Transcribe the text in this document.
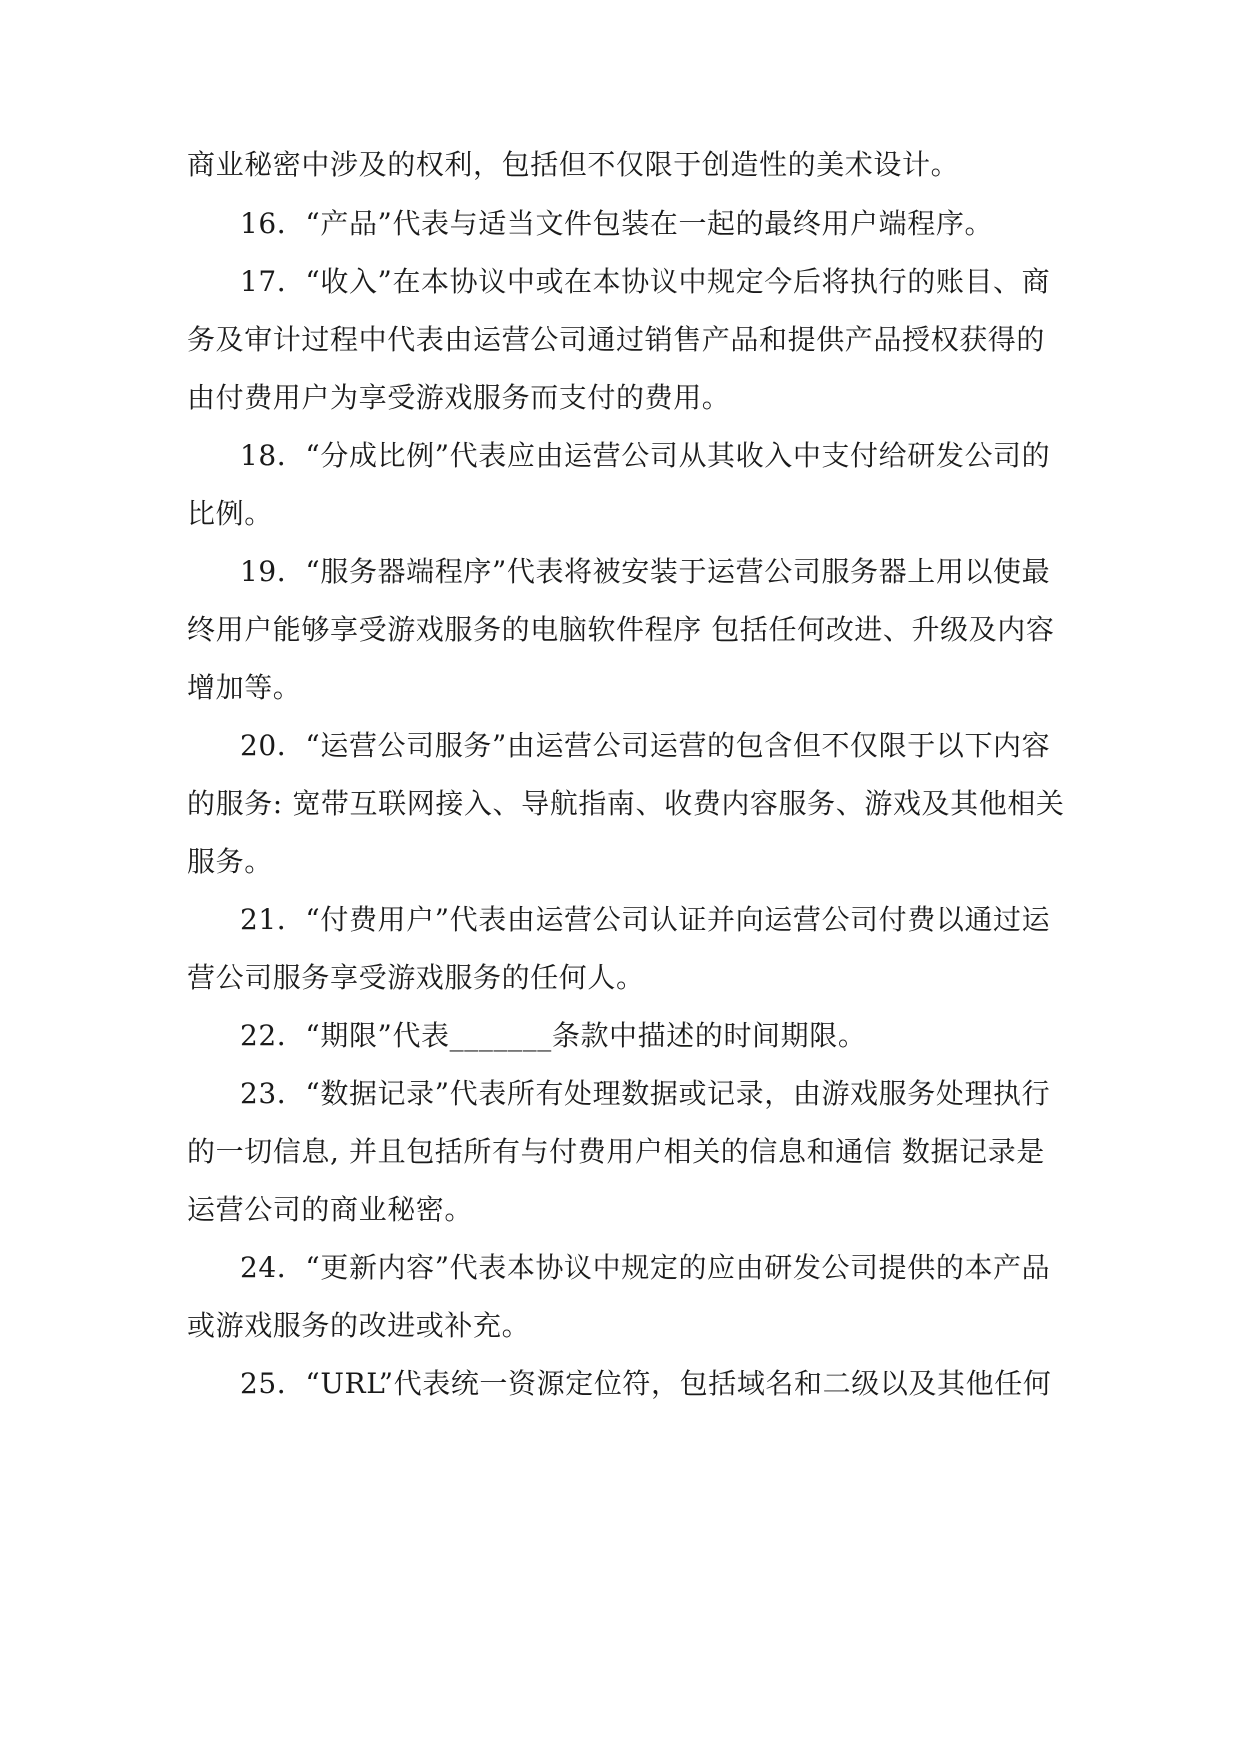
商业秘密中涉及的权利，包括但不仅限于创造性的美术设计。
16．“产品”代表与适当文件包装在一起的最终用户端程序。
17．“收入”在本协议中或在本协议中规定今后将执行的账目、商
务及审计过程中代表由运营公司通过销售产品和提供产品授权获得的
由付费用户为享受游戏服务而支付的费用。
18．“分成比例”代表应由运营公司从其收入中支付给研发公司的
比例。
19．“服务器端程序”代表将被安装于运营公司服务器上用以使最
终用户能够享受游戏服务的电脑软件程序 包括任何改进、升级及内容
增加等。
20．“运营公司服务”由运营公司运营的包含但不仅限于以下内容
的服务: 宽带互联网接入、导航指南、收费内容服务、游戏及其他相关
服务。
21．“付费用户”代表由运营公司认证并向运营公司付费以通过运
营公司服务享受游戏服务的任何人。
22．“期限”代表_______条款中描述的时间期限。
23．“数据记录”代表所有处理数据或记录，由游戏服务处理执行
的一切信息, 并且包括所有与付费用户相关的信息和通信 数据记录是
运营公司的商业秘密。
24．“更新内容”代表本协议中规定的应由研发公司提供的本产品
或游戏服务的改进或补充。
25．“URL”代表统一资源定位符，包括域名和二级以及其他任何
